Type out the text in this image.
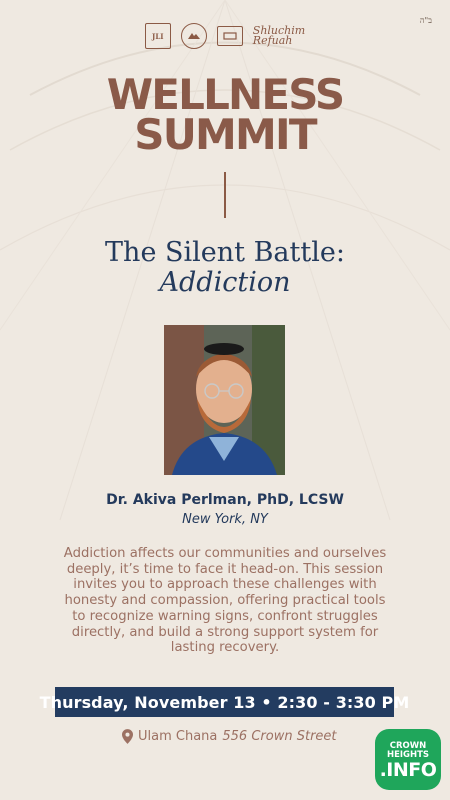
ב"ה
JLI	Shluchim
Refuah
WELLNESS
SUMMIT
The Silent Battle:
Addiction
Dr. Akiva Perlman, PhD, LCSW
New York, NY
Addiction affects our communities and ourselves deeply, it’s time to face it head-on. This session invites you to approach these challenges with honesty and compassion, offering practical tools to recognize warning signs, confront struggles directly, and build a strong support system for lasting recovery.
Thursday, November 13 • 2:30 - 3:30 PM
Ulam Chana 556 Crown Street
CROWN
HEIGHTS
.INFO
